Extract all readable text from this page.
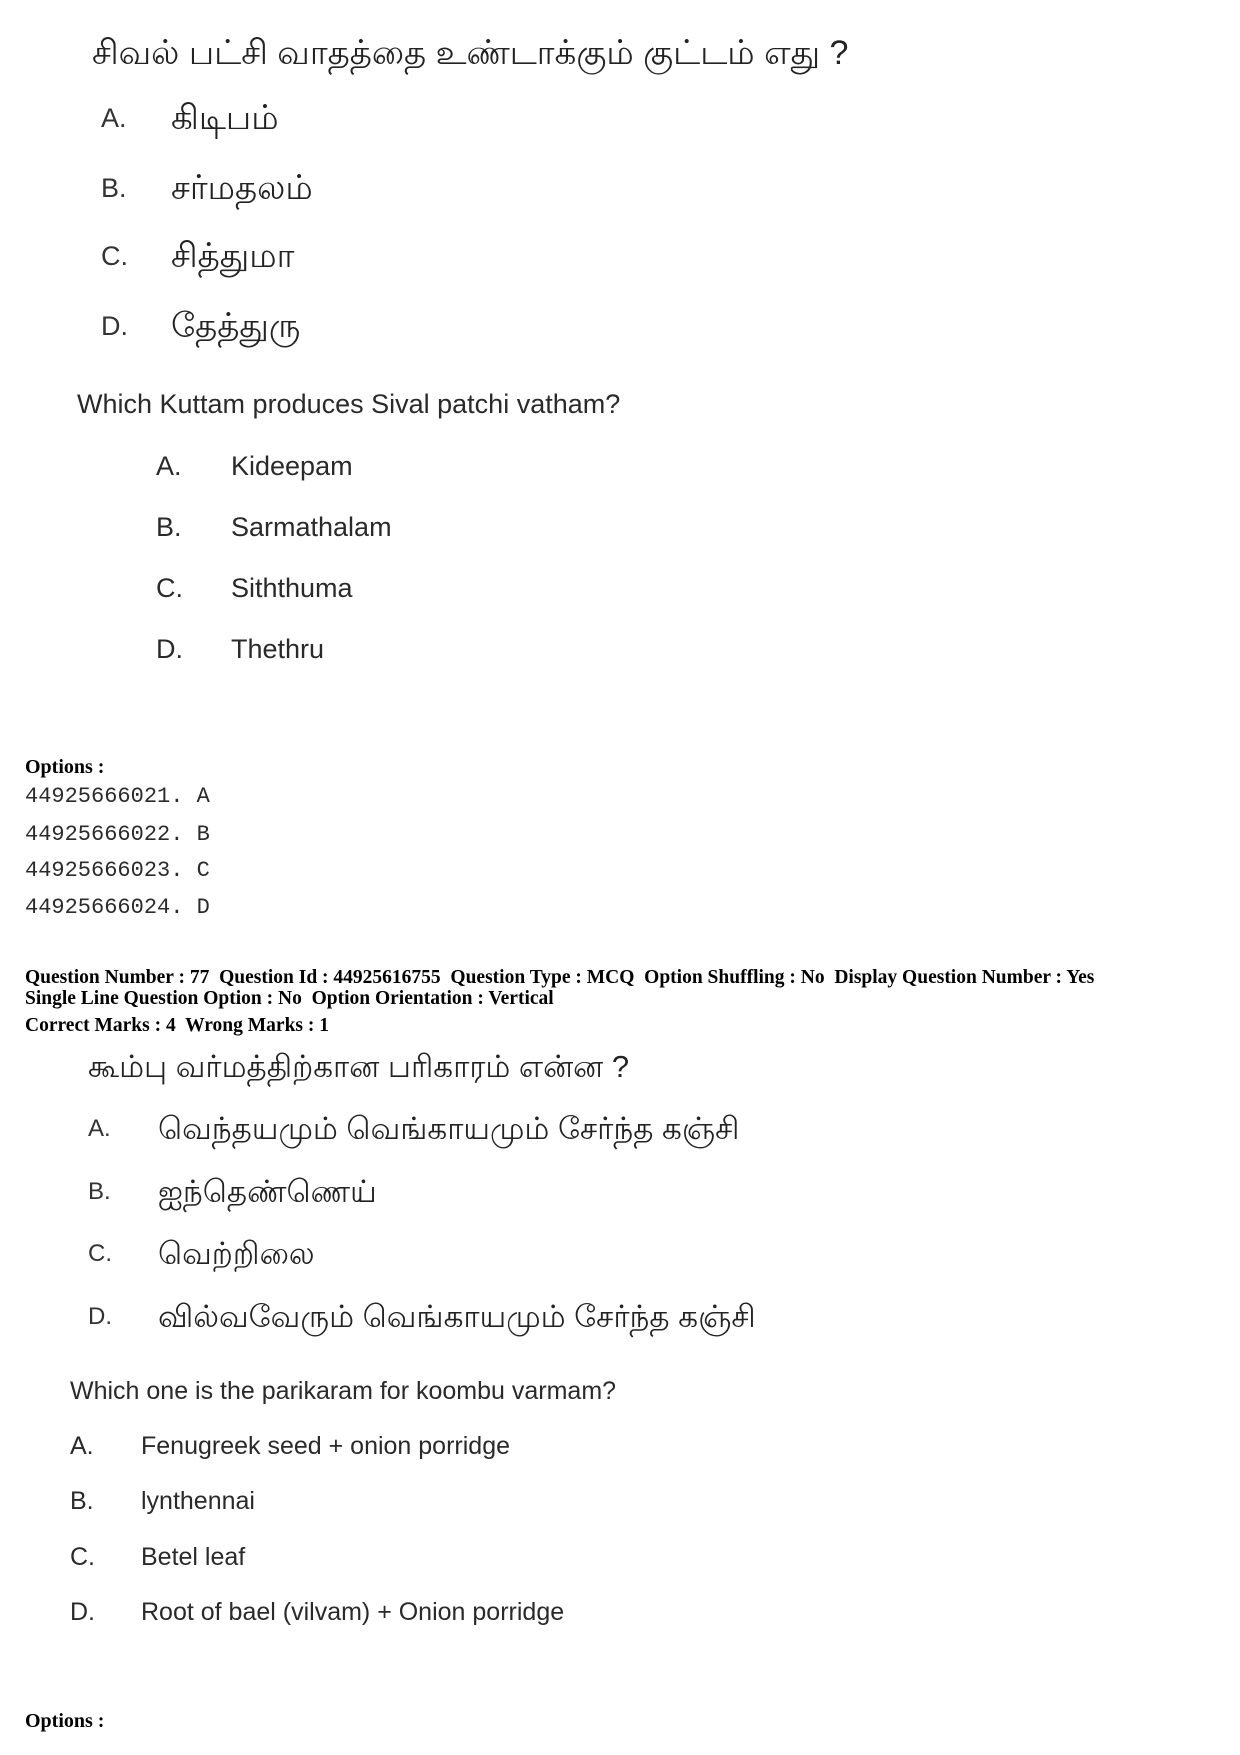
சிவல் பட்சி வாதத்தை உண்டாக்கும் குட்டம் எது ?
A.	கிடிபம்
B.	சர்மதலம்
C.	சித்துமா
D.	தேத்துரு
Which Kuttam produces Sival patchi vatham?
A.	Kideepam
B.	Sarmathalam
C.	Siththuma
D.	Thethru
Options :
44925666021. A
44925666022. B
44925666023. C
44925666024. D
Question Number : 77  Question Id : 44925616755  Question Type : MCQ  Option Shuffling : No  Display Question Number : Yes
Single Line Question Option : No  Option Orientation : Vertical
Correct Marks : 4  Wrong Marks : 1
கூம்பு வர்மத்திற்கான பரிகாரம் என்ன ?
A.	வெந்தயமும் வெங்காயமும் சேர்ந்த கஞ்சி
B.	ஐந்தெண்ணெய்
C.	வெற்றிலை
D.	வில்வவேரும் வெங்காயமும் சேர்ந்த கஞ்சி
Which one is the parikaram for koombu varmam?
A.	Fenugreek seed + onion porridge
B.	lynthennai
C.	Betel leaf
D.	Root of bael (vilvam) + Onion porridge
Options :
